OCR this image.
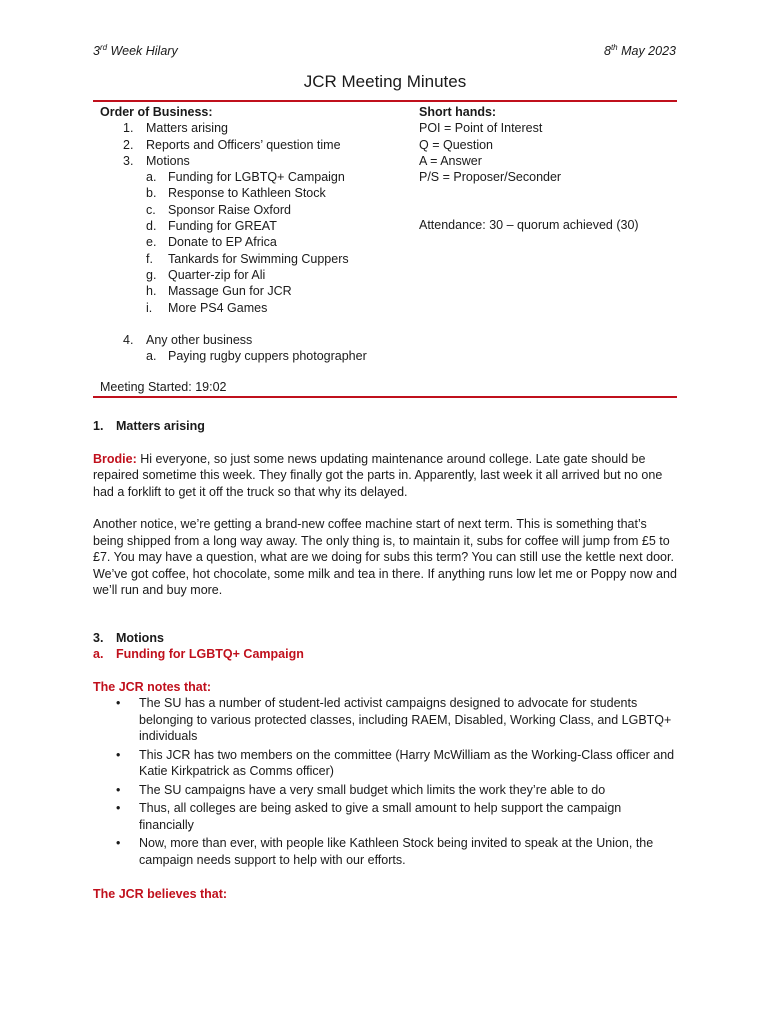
3rd Week Hilary	8th May 2023
JCR Meeting Minutes
Order of Business:
1. Matters arising
2. Reports and Officers’ question time
3. Motions
a. Funding for LGBTQ+ Campaign
b. Response to Kathleen Stock
c. Sponsor Raise Oxford
d. Funding for GREAT
e. Donate to EP Africa
f. Tankards for Swimming Cuppers
g. Quarter-zip for Ali
h. Massage Gun for JCR
i. More PS4 Games
4. Any other business
a. Paying rugby cuppers photographer
Short hands:
POI = Point of Interest
Q = Question
A = Answer
P/S = Proposer/Seconder
Attendance: 30 – quorum achieved (30)
Meeting Started: 19:02
1. Matters arising

Brodie: Hi everyone, so just some news updating maintenance around college. Late gate should be repaired sometime this week. They finally got the parts in. Apparently, last week it all arrived but no one had a forklift to get it off the truck so that why its delayed.

Another notice, we’re getting a brand-new coffee machine start of next term. This is something that’s being shipped from a long way away. The only thing is, to maintain it, subs for coffee will jump from £5 to £7. You may have a question, what are we doing for subs this term? You can still use the kettle next door. We’ve got coffee, hot chocolate, some milk and tea in there. If anything runs low let me or Poppy now and we’ll run and buy more.

3. Motions
a. Funding for LGBTQ+ Campaign
The JCR notes that:
• The SU has a number of student-led activist campaigns designed to advocate for students belonging to various protected classes, including RAEM, Disabled, Working Class, and LGBTQ+ individuals
• This JCR has two members on the committee (Harry McWilliam as the Working-Class officer and Katie Kirkpatrick as Comms officer)
• The SU campaigns have a very small budget which limits the work they’re able to do
• Thus, all colleges are being asked to give a small amount to help support the campaign financially
• Now, more than ever, with people like Kathleen Stock being invited to speak at the Union, the campaign needs support to help with our efforts.
The JCR believes that:
